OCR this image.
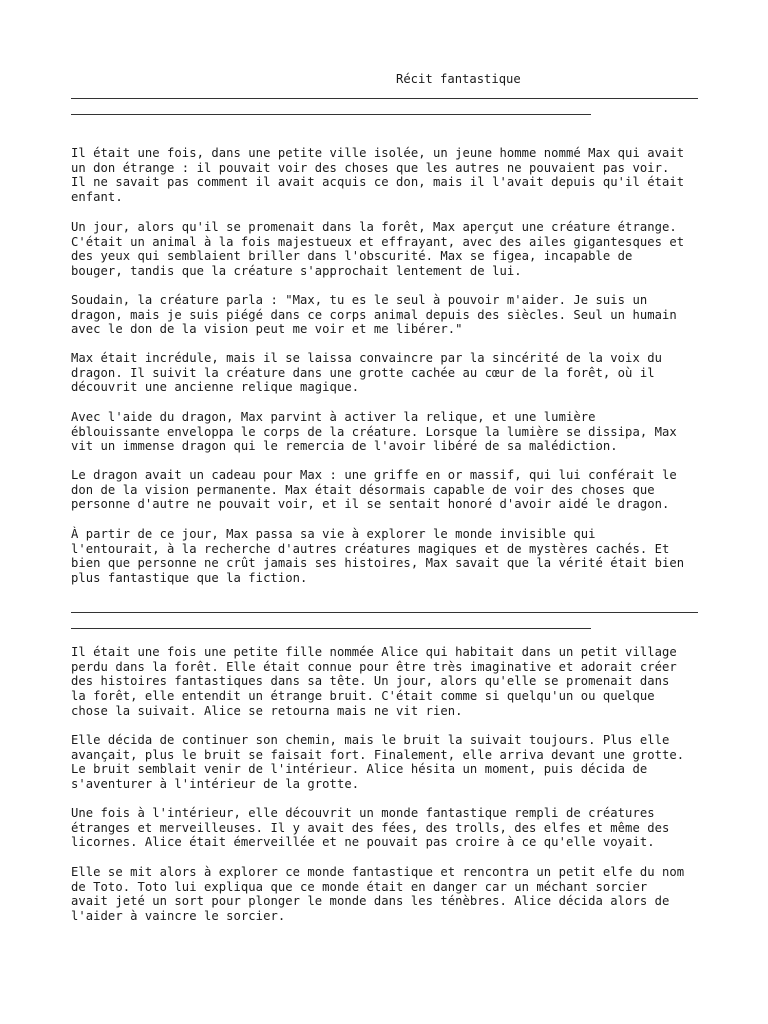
Récit fantastique

Il était une fois, dans une petite ville isolée, un jeune homme nommé Max qui avait
un don étrange : il pouvait voir des choses que les autres ne pouvaient pas voir.
Il ne savait pas comment il avait acquis ce don, mais il l'avait depuis qu'il était
enfant.

Un jour, alors qu'il se promenait dans la forêt, Max aperçut une créature étrange.
C'était un animal à la fois majestueux et effrayant, avec des ailes gigantesques et
des yeux qui semblaient briller dans l'obscurité. Max se figea, incapable de
bouger, tandis que la créature s'approchait lentement de lui.

Soudain, la créature parla : "Max, tu es le seul à pouvoir m'aider. Je suis un
dragon, mais je suis piégé dans ce corps animal depuis des siècles. Seul un humain
avec le don de la vision peut me voir et me libérer."

Max était incrédule, mais il se laissa convaincre par la sincérité de la voix du
dragon. Il suivit la créature dans une grotte cachée au cœur de la forêt, où il
découvrit une ancienne relique magique.

Avec l'aide du dragon, Max parvint à activer la relique, et une lumière
éblouissante enveloppa le corps de la créature. Lorsque la lumière se dissipa, Max
vit un immense dragon qui le remercia de l'avoir libéré de sa malédiction.

Le dragon avait un cadeau pour Max : une griffe en or massif, qui lui conférait le
don de la vision permanente. Max était désormais capable de voir des choses que
personne d'autre ne pouvait voir, et il se sentait honoré d'avoir aidé le dragon.

À partir de ce jour, Max passa sa vie à explorer le monde invisible qui
l'entourait, à la recherche d'autres créatures magiques et de mystères cachés. Et
bien que personne ne crût jamais ses histoires, Max savait que la vérité était bien
plus fantastique que la fiction.

Il était une fois une petite fille nommée Alice qui habitait dans un petit village
perdu dans la forêt. Elle était connue pour être très imaginative et adorait créer
des histoires fantastiques dans sa tête. Un jour, alors qu'elle se promenait dans
la forêt, elle entendit un étrange bruit. C'était comme si quelqu'un ou quelque
chose la suivait. Alice se retourna mais ne vit rien.

Elle décida de continuer son chemin, mais le bruit la suivait toujours. Plus elle
avançait, plus le bruit se faisait fort. Finalement, elle arriva devant une grotte.
Le bruit semblait venir de l'intérieur. Alice hésita un moment, puis décida de
s'aventurer à l'intérieur de la grotte.

Une fois à l'intérieur, elle découvrit un monde fantastique rempli de créatures
étranges et merveilleuses. Il y avait des fées, des trolls, des elfes et même des
licornes. Alice était émerveillée et ne pouvait pas croire à ce qu'elle voyait.

Elle se mit alors à explorer ce monde fantastique et rencontra un petit elfe du nom
de Toto. Toto lui expliqua que ce monde était en danger car un méchant sorcier
avait jeté un sort pour plonger le monde dans les ténèbres. Alice décida alors de
l'aider à vaincre le sorcier.
